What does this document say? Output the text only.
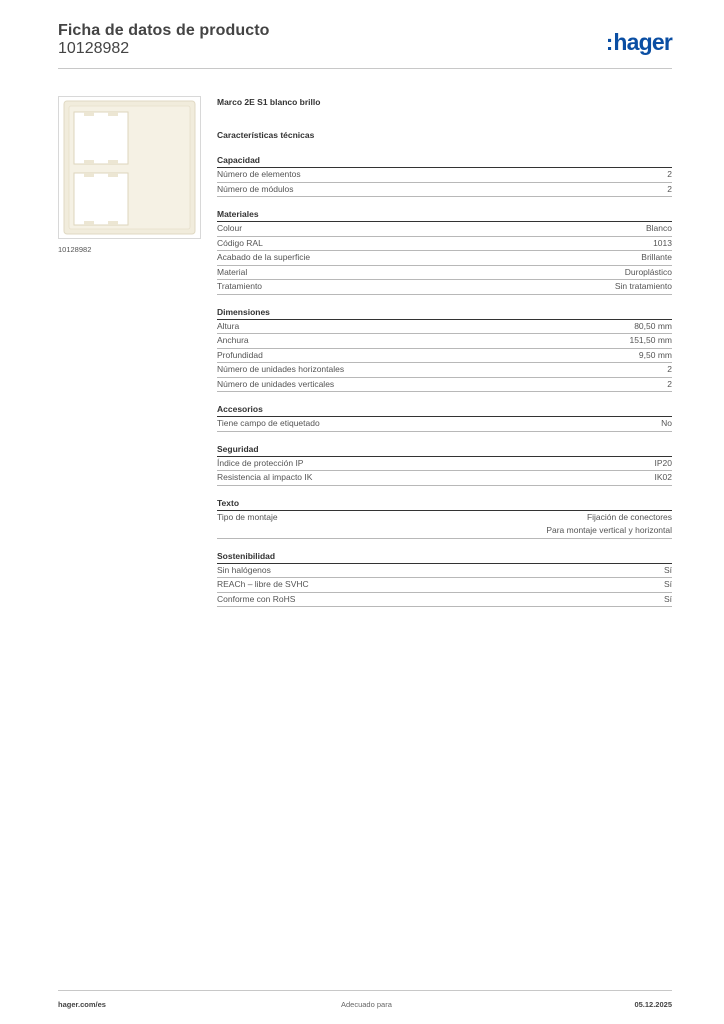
Ficha de datos de producto
10128982	:hager
10128982
Marco 2E S1 blanco brillo
Características técnicas
Capacidad
Número de elementos	2
Número de módulos	2
Materiales
Colour	Blanco
Código RAL	1013
Acabado de la superficie	Brillante
Material	Duroplástico
Tratamiento	Sin tratamiento
Dimensiones
Altura	80,50 mm
Anchura	151,50 mm
Profundidad	9,50 mm
Número de unidades horizontales	2
Número de unidades verticales	2
Accesorios
Tiene campo de etiquetado	No
Seguridad
Índice de protección IP	IP20
Resistencia al impacto IK	IK02
Texto
Tipo de montaje	Fijación de conectores
Para montaje vertical y horizontal
Sostenibilidad
Sin halógenos	Sí
REACh – libre de SVHC	Sí
Conforme con RoHS	Sí
hager.com/es	Adecuado para	05.12.2025
